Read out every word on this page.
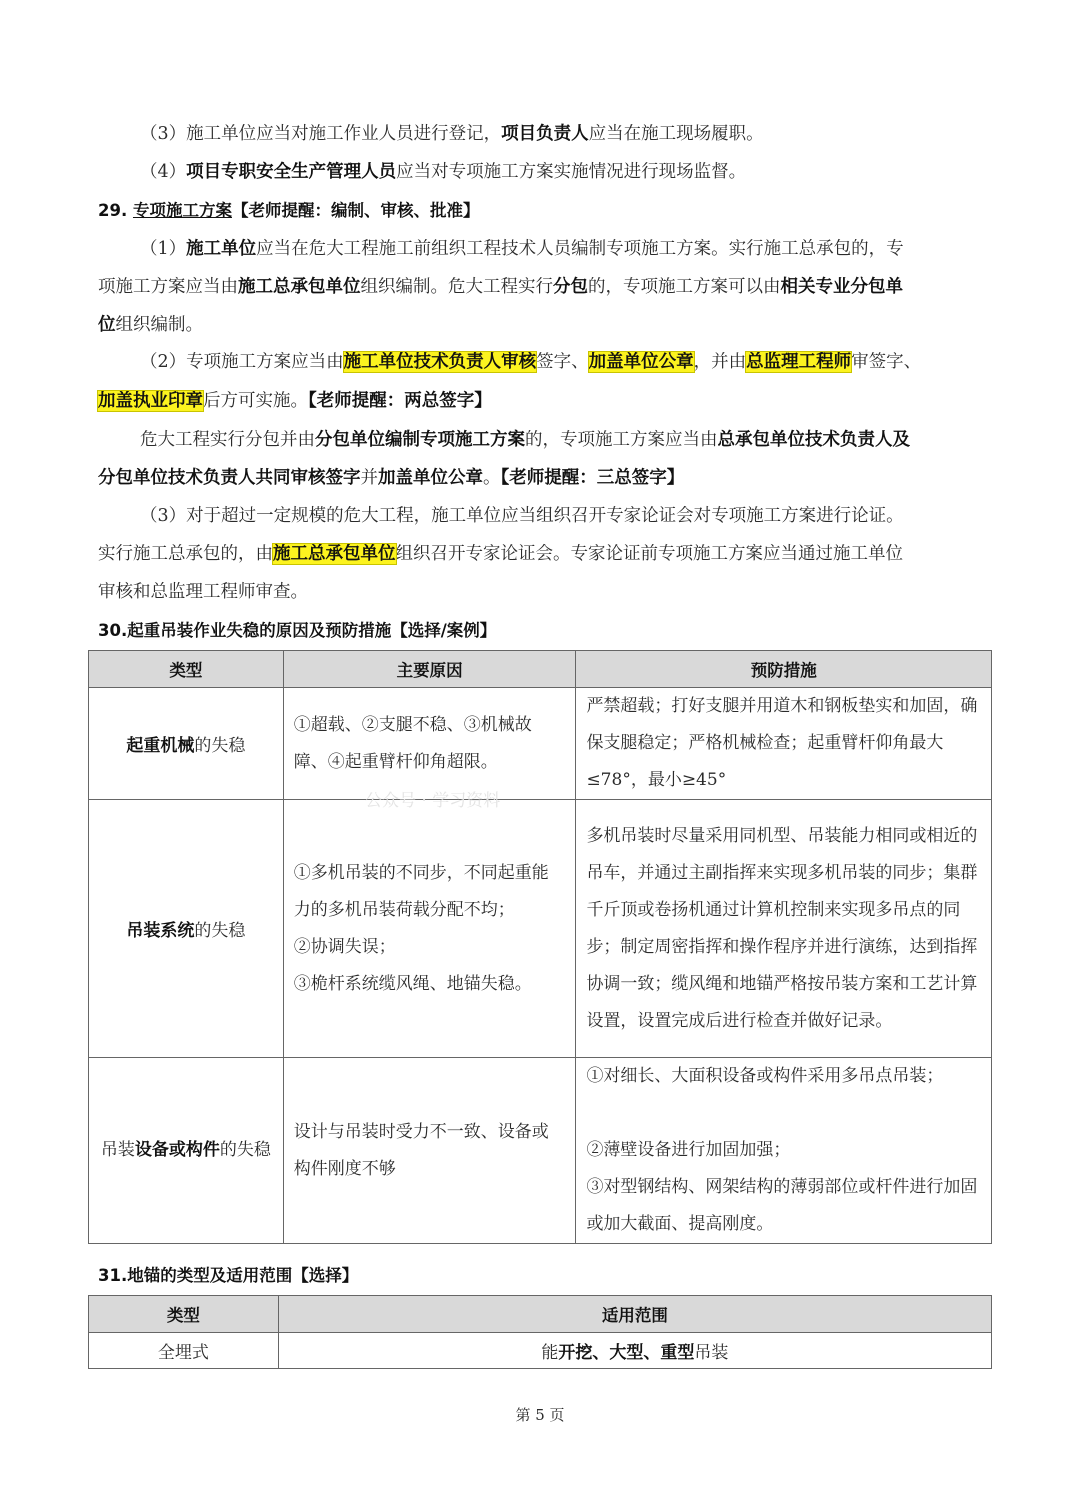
（3）施工单位应当对施工作业人员进行登记，项目负责人应当在施工现场履职。
（4）项目专职安全生产管理人员应当对专项施工方案实施情况进行现场监督。
29. 专项施工方案【老师提醒：编制、审核、批准】
（1）施工单位应当在危大工程施工前组织工程技术人员编制专项施工方案。实行施工总承包的，专
项施工方案应当由施工总承包单位组织编制。危大工程实行分包的，专项施工方案可以由相关专业分包单
位组织编制。
（2）专项施工方案应当由施工单位技术负责人审核签字、加盖单位公章，并由总监理工程师审签字、
加盖执业印章后方可实施。【老师提醒：两总签字】
危大工程实行分包并由分包单位编制专项施工方案的，专项施工方案应当由总承包单位技术负责人及
分包单位技术负责人共同审核签字并加盖单位公章。【老师提醒：三总签字】
（3）对于超过一定规模的危大工程，施工单位应当组织召开专家论证会对专项施工方案进行论证。
实行施工总承包的，由施工总承包单位组织召开专家论证会。专家论证前专项施工方案应当通过施工单位
审核和总监理工程师审查。
30.起重吊装作业失稳的原因及预防措施【选择/案例】
类型	主要原因	预防措施
起重机械的失稳	①超载、②支腿不稳、③机械故障、④起重臂杆仰角超限。	严禁超载；打好支腿并用道木和钢板垫实和加固，确保支腿稳定；严格机械检查；起重臂杆仰角最大≤78°，最小≥45°

吊装系统的失稳	①多机吊装的不同步，不同起重能力的多机吊装荷载分配不均；
②协调失误；
③桅杆系统缆风绳、地锚失稳。	多机吊装时尽量采用同机型、吊装能力相同或相近的吊车，并通过主副指挥来实现多机吊装的同步；集群千斤顶或卷扬机通过计算机控制来实现多吊点的同步；制定周密指挥和操作程序并进行演练，达到指挥协调一致；缆风绳和地锚严格按吊装方案和工艺计算设置，设置完成后进行检查并做好记录。

吊装设备或构件的失稳	设计与吊装时受力不一致、设备或构件刚度不够	①对细长、大面积设备或构件采用多吊点吊装；
②薄壁设备进行加固加强；
③对型钢结构、网架结构的薄弱部位或杆件进行加固或加大截面、提高刚度。
31.地锚的类型及适用范围【选择】
类型	适用范围
全埋式	能开挖、大型、重型吊装
公众号 · 学习资料
第 5 页
